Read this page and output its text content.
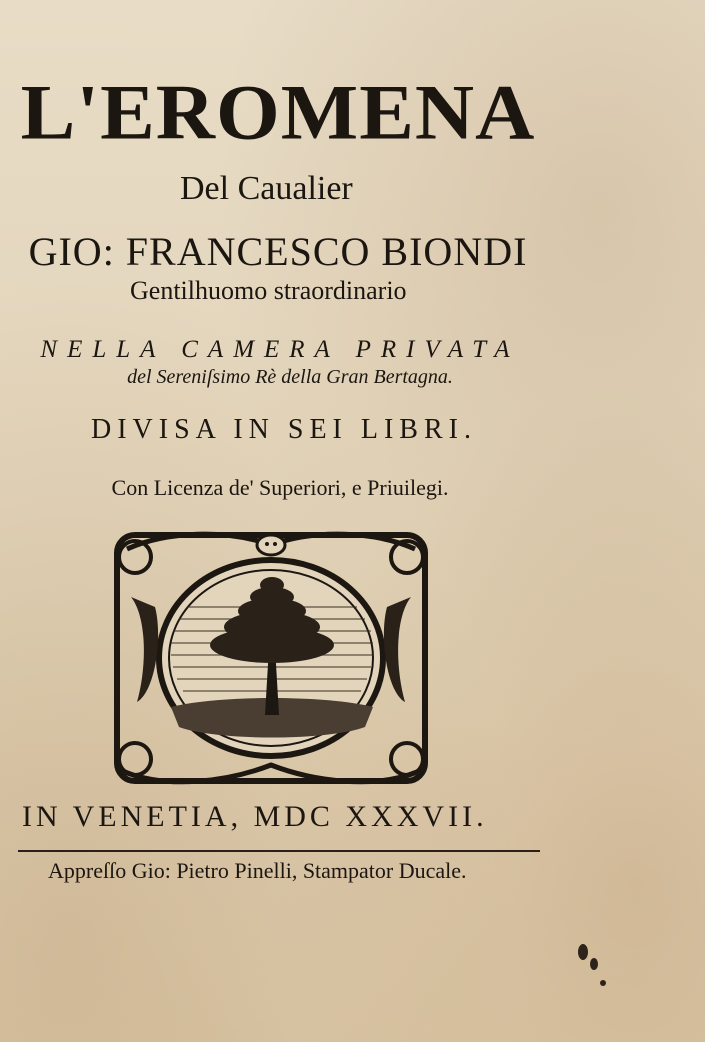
L'EROMENA
Del Caualier
GIO: FRANCESCO BIONDI
Gentilhuomo straordinario
NELLA CAMERA PRIVATA
del Sereniſsimo Rè della Gran Bertagna.
DIVISA IN SEI LIBRI.
Con Licenza de' Superiori, e Priuilegi.
IN VENETIA, MDC XXXVII.
Appreſſo Gio: Pietro Pinelli, Stampator Ducale.
